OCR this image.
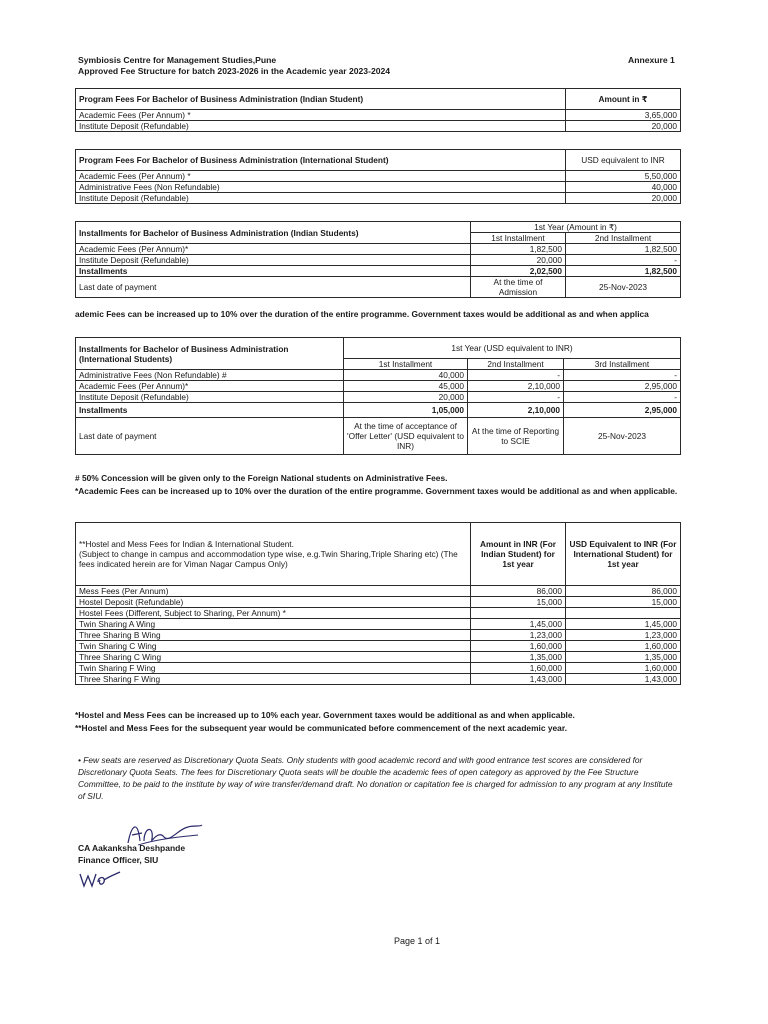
Symbiosis Centre for Management Studies,Pune
Approved Fee Structure for batch 2023-2026 in the Academic year 2023-2024
Annexure 1
Program Fees For Bachelor of Business Administration (Indian Student)	Amount in ₹
Academic Fees (Per Annum) *	3,65,000
Institute Deposit (Refundable)	20,000
Program Fees For Bachelor of Business Administration (International Student)	USD equivalent to INR
Academic Fees (Per Annum) *	5,50,000
Administrative Fees (Non Refundable)	40,000
Institute Deposit (Refundable)	20,000
Installments for Bachelor of Business Administration (Indian Students)	1st Year (Amount in ₹)	
	1st Installment	2nd Installment
Academic Fees (Per Annum)*	1,82,500	1,82,500
Institute Deposit (Refundable)	20,000	-
Installments	2,02,500	1,82,500
Last date of payment	At the time of Admission	25-Nov-2023
ademic Fees can be increased up to 10% over the duration of the entire programme. Government taxes would be additional as and when applica
Installments for Bachelor of Business Administration (International Students)	1st Year (USD equivalent to INR)		
	1st Installment	2nd Installment	3rd Installment
Administrative Fees (Non Refundable) #	40,000	-	-
Academic Fees (Per Annum)*	45,000	2,10,000	2,95,000
Institute Deposit (Refundable)	20,000	-	-
Installments	1,05,000	2,10,000	2,95,000
Last date of payment	At the time of acceptance of 'Offer Letter' (USD equivalent to INR)	At the time of Reporting to SCIE	25-Nov-2023
# 50% Concession will be given only to the Foreign National students on Administrative Fees.
*Academic Fees can be increased up to 10% over the duration of the entire programme. Government taxes would be additional as and when applicable.
**Hostel and Mess Fees for Indian & International Student.
(Subject to change in campus and accommodation type wise, e.g.Twin Sharing,Triple Sharing etc) (The fees indicated herein are for Viman Nagar Campus Only)	Amount in INR (For Indian Student) for 1st year	USD Equivalent to INR (For International Student) for 1st year
Mess Fees (Per Annum)	86,000	86,000
Hostel Deposit (Refundable)	15,000	15,000
Hostel Fees (Different, Subject to Sharing, Per Annum) *		
Twin Sharing A Wing	1,45,000	1,45,000
Three Sharing B Wing	1,23,000	1,23,000
Twin Sharing C Wing	1,60,000	1,60,000
Three Sharing C Wing	1,35,000	1,35,000
Twin Sharing F Wing	1,60,000	1,60,000
Three Sharing F Wing	1,43,000	1,43,000
*Hostel and Mess Fees can be increased up to 10% each year. Government taxes would be additional as and when applicable.
**Hostel and Mess Fees for the subsequent year would be communicated before commencement of the next academic year.
• Few seats are reserved as Discretionary Quota Seats. Only students with good academic record and with good entrance test scores are considered for Discretionary Quota Seats. The fees for Discretionary Quota seats will be double the academic fees of open category as approved by the Fee Structure Committee, to be paid to the institute by way of wire transfer/demand draft. No donation or capitation fee is charged for admission to any program at any Institute of SIU.
CA Aakanksha Deshpande
Finance Officer, SIU
Page 1 of 1
